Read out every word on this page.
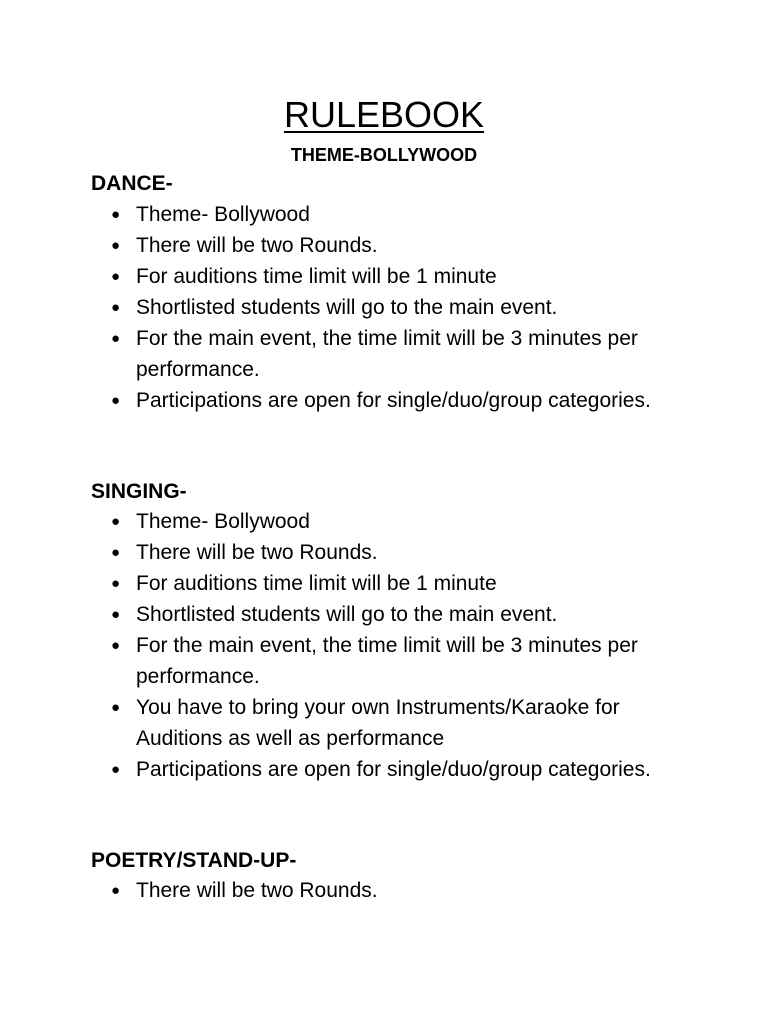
RULEBOOK
THEME-BOLLYWOOD
DANCE-
● Theme- Bollywood
● There will be two Rounds.
● For auditions time limit will be 1 minute
● Shortlisted students will go to the main event.
● For the main event, the time limit will be 3 minutes per performance.
● Participations are open for single/duo/group categories.
SINGING-
● Theme- Bollywood
● There will be two Rounds.
● For auditions time limit will be 1 minute
● Shortlisted students will go to the main event.
● For the main event, the time limit will be 3 minutes per performance.
● You have to bring your own Instruments/Karaoke for Auditions as well as performance
● Participations are open for single/duo/group categories.
POETRY/STAND-UP-
● There will be two Rounds.
